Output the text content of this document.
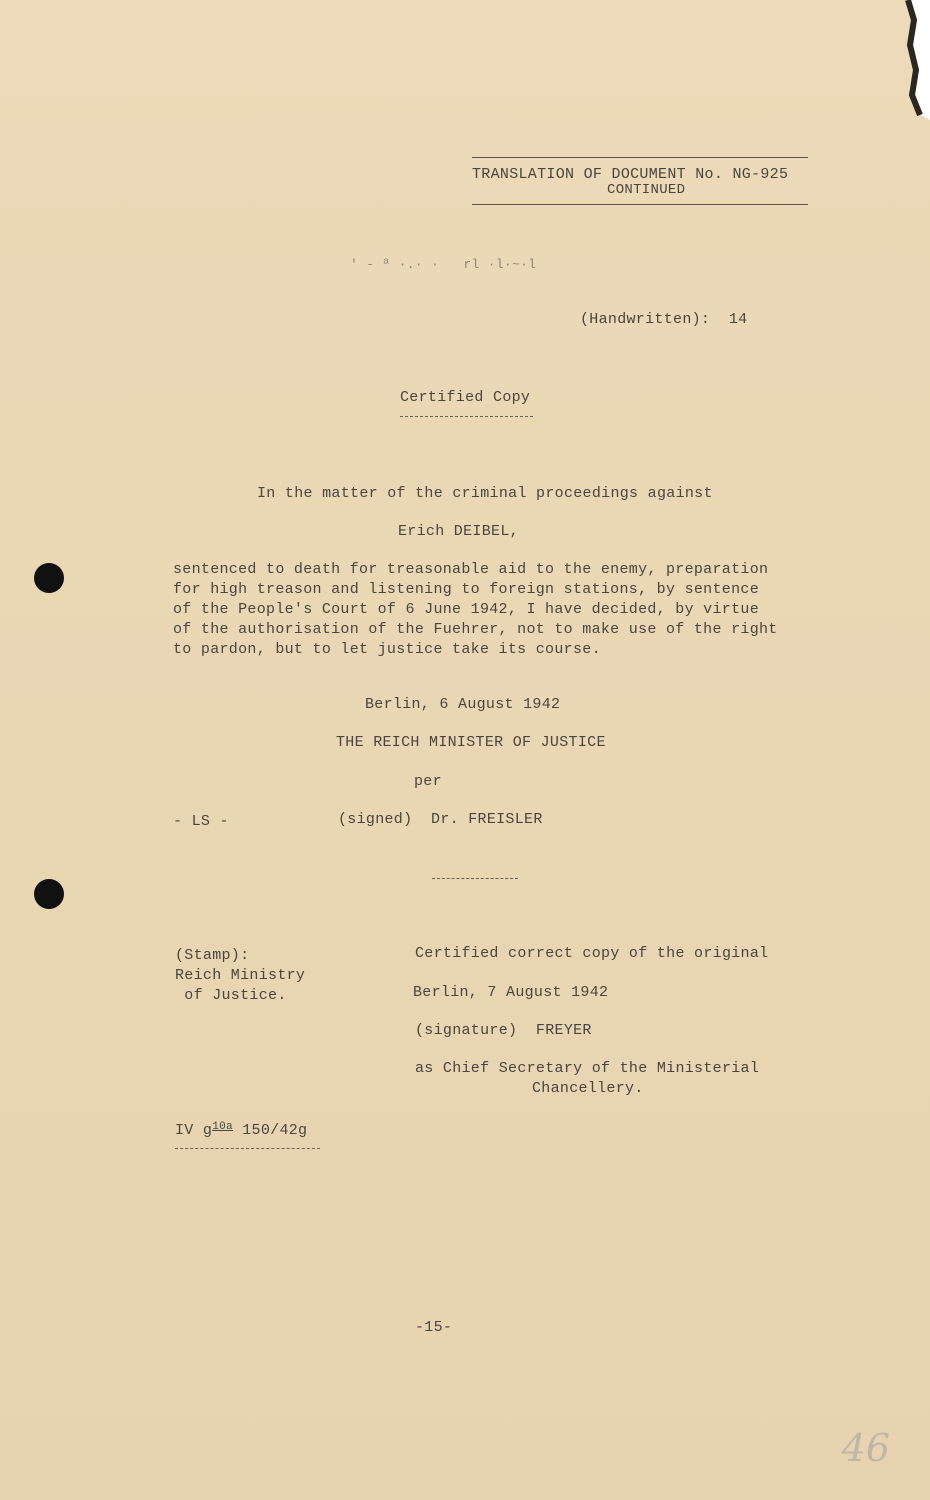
TRANSLATION OF DOCUMENT No. NG-925
CONTINUED
' - ª ·.· ·   rl ·l·~·l
(Handwritten):  14
Certified Copy
In the matter of the criminal proceedings against
Erich DEIBEL,
sentenced to death for treasonable aid to the enemy, preparation
for high treason and listening to foreign stations, by sentence
of the People's Court of 6 June 1942, I have decided, by virtue
of the authorisation of the Fuehrer, not to make use of the right
to pardon, but to let justice take its course.
Berlin, 6 August 1942
THE REICH MINISTER OF JUSTICE
per
- LS -	(signed)  Dr. FREISLER
(Stamp):
Reich Ministry
of Justice.
Certified correct copy of the original
Berlin, 7 August 1942
(signature)  FREYER
as Chief Secretary of the Ministerial
Chancellery.
IV $g^{10a}$ 150/42g
-15-
46
